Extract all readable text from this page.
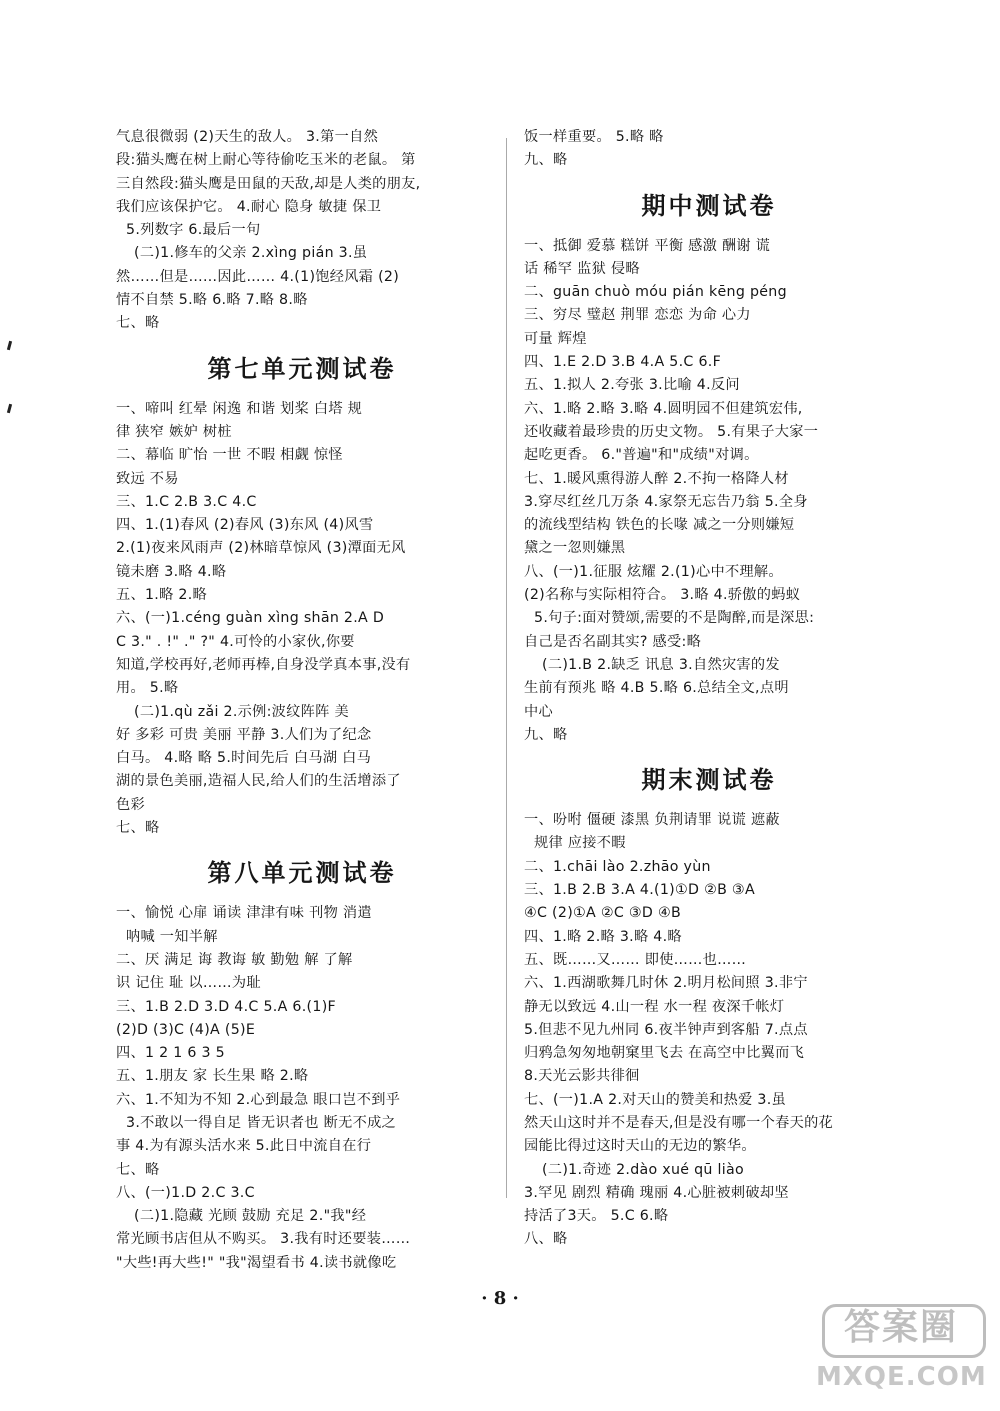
气息很微弱 (2)天生的敌人。 3.第一自然
段:猫头鹰在树上耐心等待偷吃玉米的老鼠。 第
三自然段:猫头鹰是田鼠的天敌,却是人类的朋友,
我们应该保护它。 4.耐心 隐身 敏捷 保卫
5.列数字 6.最后一句
(二)1.修车的父亲 2.xìng pián 3.虽
然……但是……因此…… 4.(1)饱经风霜 (2)
情不自禁 5.略 6.略 7.略 8.略
七、略
第七单元测试卷
一、啼叫 红晕 闲逸 和谐 划桨 白塔 规
律 狭窄 嫉妒 树桩
二、幕临 旷怡 一世 不暇 相觑 惊怪
致远 不易
三、1.C 2.B 3.C 4.C
四、1.(1)春风 (2)春风 (3)东风 (4)风雪
2.(1)夜来风雨声 (2)林暗草惊风 (3)潭面无风
镜未磨 3.略 4.略
五、1.略 2.略
六、(一)1.céng guàn xìng shān 2.A D
C 3." . !" ." ?" 4.可怜的小家伙,你要
知道,学校再好,老师再棒,自身没学真本事,没有
用。 5.略
(二)1.qù zǎi 2.示例:波纹阵阵 美
好 多彩 可贵 美丽 平静 3.人们为了纪念
白马。 4.略 略 5.时间先后 白马湖 白马
湖的景色美丽,造福人民,给人们的生活增添了
色彩
七、略
第八单元测试卷
一、愉悦 心扉 诵读 津津有味 刊物 消遣
呐喊 一知半解
二、厌 满足 诲 教诲 敏 勤勉 解 了解
识 记住 耻 以……为耻
三、1.B 2.D 3.D 4.C 5.A 6.(1)F
(2)D (3)C (4)A (5)E
四、1 2 1 6 3 5
五、1.朋友 家 长生果 略 2.略
六、1.不知为不知 2.心到最急 眼口岂不到乎
3.不敢以一得自足 皆无识者也 断无不成之
事 4.为有源头活水来 5.此日中流自在行
七、略
八、(一)1.D 2.C 3.C
(二)1.隐藏 光顾 鼓励 充足 2."我"经
常光顾书店但从不购买。 3.我有时还要装……
"大些!再大些!" "我"渴望看书 4.读书就像吃
饭一样重要。 5.略 略
九、略
期中测试卷
一、抵御 爱慕 糕饼 平衡 感激 酬谢 谎
话 稀罕 监狱 侵略
二、guān chuò móu pián kēng péng
三、穷尽 璧赵 荆罪 恋恋 为命 心力
可量 辉煌
四、1.E 2.D 3.B 4.A 5.C 6.F
五、1.拟人 2.夸张 3.比喻 4.反问
六、1.略 2.略 3.略 4.圆明园不但建筑宏伟,
还收藏着最珍贵的历史文物。 5.有果子大家一
起吃更香。 6."普遍"和"成绩"对调。
七、1.暖风熏得游人醉 2.不拘一格降人材
3.穿尽红丝几万条 4.家祭无忘告乃翁 5.全身
的流线型结构 铁色的长喙 减之一分则嫌短
黛之一忽则嫌黑
八、(一)1.征服 炫耀 2.(1)心中不理解。
(2)名称与实际相符合。 3.略 4.骄傲的蚂蚁
5.句子:面对赞颂,需要的不是陶醉,而是深思:
自己是否名副其实? 感受:略
(二)1.B 2.缺乏 讯息 3.自然灾害的发
生前有预兆 略 4.B 5.略 6.总结全文,点明
中心
九、略
期末测试卷
一、吩咐 僵硬 漆黑 负荆请罪 说谎 遮蔽
规律 应接不暇
二、1.chāi lào 2.zhāo yùn
三、1.B 2.B 3.A 4.(1)①D ②B ③A
④C (2)①A ②C ③D ④B
四、1.略 2.略 3.略 4.略
五、既……又…… 即使……也……
六、1.西湖歌舞几时休 2.明月松间照 3.非宁
静无以致远 4.山一程 水一程 夜深千帐灯
5.但悲不见九州同 6.夜半钟声到客船 7.点点
归鸦急匆匆地朝窠里飞去 在高空中比翼而飞
8.天光云影共徘徊
七、(一)1.A 2.对天山的赞美和热爱 3.虽
然天山这时并不是春天,但是没有哪一个春天的花
园能比得过这时天山的无边的繁华。
(二)1.奇迹 2.dào xué qū liào
3.罕见 剧烈 精确 瑰丽 4.心脏被刺破却坚
持活了3天。 5.C 6.略
八、略
· 8 ·
答案圈
MXQE.COM
